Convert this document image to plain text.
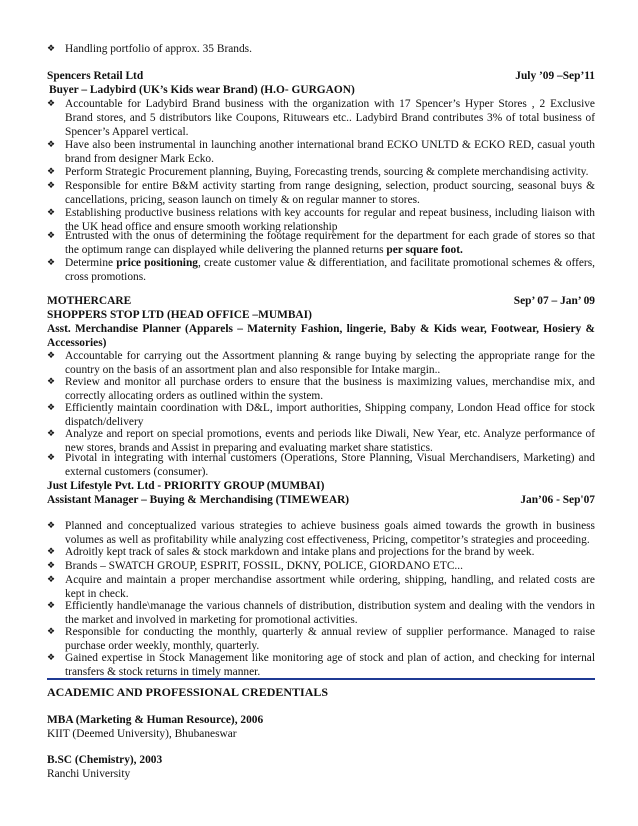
❖ Handling portfolio of approx. 35 Brands.
Spencers Retail Ltd	July ’09 –Sep’11
Buyer – Ladybird (UK’s Kids wear Brand) (H.O- GURGAON)
❖ Accountable for Ladybird Brand business with the organization with 17 Spencer’s Hyper Stores , 2 Exclusive Brand stores, and 5 distributors like Coupons, Rituwears etc.. Ladybird Brand contributes 3% of total business of Spencer’s Apparel vertical.
❖ Have also been instrumental in launching another international brand ECKO UNLTD & ECKO RED, casual youth brand from designer Mark Ecko.
❖ Perform Strategic Procurement planning, Buying, Forecasting trends, sourcing & complete merchandising activity.
❖ Responsible for entire B&M activity starting from range designing, selection, product sourcing, seasonal buys & cancellations, pricing, season launch on timely & on regular manner to stores.
❖ Establishing productive business relations with key accounts for regular and repeat business, including liaison with the UK head office and ensure smooth working relationship
❖ Entrusted with the onus of determining the footage requirement for the department for each grade of stores so that the optimum range can displayed while delivering the planned returns per square foot.
❖ Determine price positioning, create customer value & differentiation, and facilitate promotional schemes & offers, cross promotions.
MOTHERCARE	Sep’ 07 – Jan’ 09
SHOPPERS STOP LTD (HEAD OFFICE –MUMBAI)
Asst. Merchandise Planner (Apparels – Maternity Fashion, lingerie, Baby & Kids wear, Footwear, Hosiery & Accessories)
❖ Accountable for carrying out the Assortment planning & range buying by selecting the appropriate range for the country on the basis of an assortment plan and also responsible for Intake margin..
❖ Review and monitor all purchase orders to ensure that the business is maximizing values, merchandise mix, and correctly allocating orders as outlined within the system.
❖ Efficiently maintain coordination with D&L, import authorities, Shipping company, London Head office for stock dispatch/delivery
❖ Analyze and report on special promotions, events and periods like Diwali, New Year, etc. Analyze performance of new stores, brands and Assist in preparing and evaluating market share statistics.
❖ Pivotal in integrating with internal customers (Operations, Store Planning, Visual Merchandisers, Marketing) and external customers (consumer).
Just Lifestyle Pvt. Ltd - PRIORITY GROUP (MUMBAI)
Assistant Manager – Buying & Merchandising (TIMEWEAR)	Jan’06 - Sep'07
❖ Planned and conceptualized various strategies to achieve business goals aimed towards the growth in business volumes as well as profitability while analyzing cost effectiveness, Pricing, competitor’s strategies and proceeding.
❖ Adroitly kept track of sales & stock markdown and intake plans and projections for the brand by week.
❖ Brands – SWATCH GROUP, ESPRIT, FOSSIL, DKNY, POLICE, GIORDANO ETC...
❖ Acquire and maintain a proper merchandise assortment while ordering, shipping, handling, and related costs are kept in check.
❖ Efficiently handle\manage the various channels of distribution, distribution system and dealing with the vendors in the market and involved in marketing for promotional activities.
❖ Responsible for conducting the monthly, quarterly & annual review of supplier performance. Managed to raise purchase order weekly, monthly, quarterly.
❖ Gained expertise in Stock Management like monitoring age of stock and plan of action, and checking for internal transfers & stock returns in timely manner.
ACADEMIC AND PROFESSIONAL CREDENTIALS
MBA (Marketing & Human Resource), 2006
KIIT (Deemed University), Bhubaneswar
B.SC (Chemistry), 2003
Ranchi University
